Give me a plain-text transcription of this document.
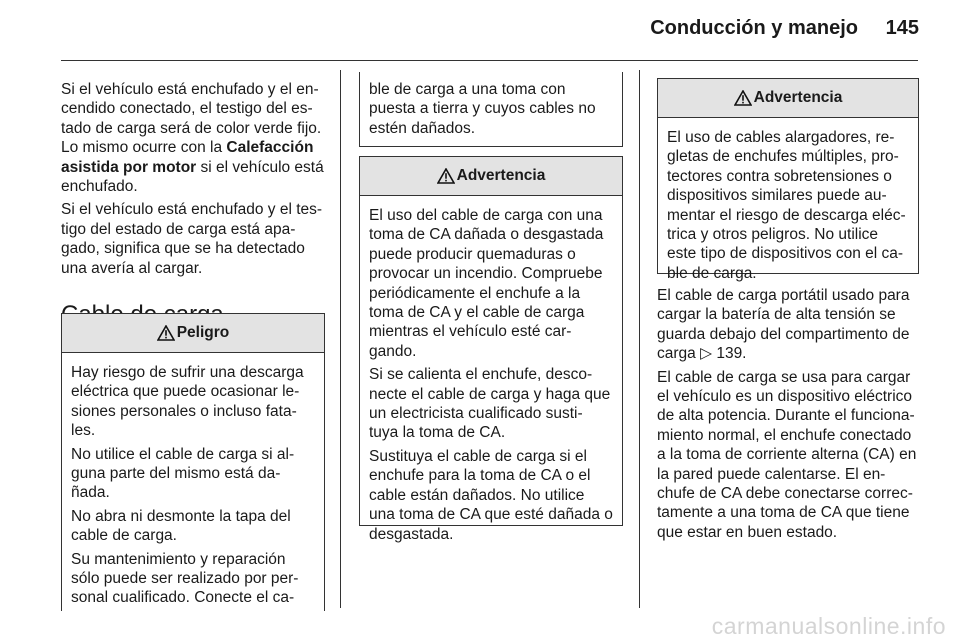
Conducción y manejo 145

Si el vehículo está enchufado y el en- cendido conectado, el testigo del es- tado de carga será de color verde fijo. Lo mismo ocurre con la Calefacción asistida por motor si el vehículo está enchufado.

Si el vehículo está enchufado y el tes- tigo del estado de carga está apa- gado, significa que se ha detectado una avería al cargar.

Peligro

Hay riesgo de sufrir una descarga eléctrica que puede ocasionar le- siones personales o incluso fata- les.

No utilice el cable de carga si al- guna parte del mismo está da- ñada.

No abra ni desmonte la tapa del cable de carga.

Su mantenimiento y reparación sólo puede ser realizado por per- sonal cualificado. Conecte el ca-

ble de carga a una toma con puesta a tierra y cuyos cables no estén dañados.

Advertencia

El uso del cable de carga con una toma de CA dañada o desgastada puede producir quemaduras o provocar un incendio. Compruebe periódicamente el enchufe a la toma de CA y el cable de carga mientras el vehículo esté car- gando.

Si se calienta el enchufe, desco- necte el cable de carga y haga que un electricista cualificado susti- tuya la toma de CA.

Sustituya el cable de carga si el enchufe para la toma de CA o el cable están dañados. No utilice una toma de CA que esté dañada o desgastada.

Advertencia

El uso de cables alargadores, re- gletas de enchufes múltiples, pro- tectores contra sobretensiones o dispositivos similares puede au- mentar el riesgo de descarga eléc- trica y otros peligros. No utilice este tipo de dispositivos con el ca- ble de carga.

El cable de carga portátil usado para cargar la batería de alta tensión se guarda debajo del compartimento de carga ▷ 139.

El cable de carga se usa para cargar el vehículo es un dispositivo eléctrico de alta potencia. Durante el funciona- miento normal, el enchufe conectado a la toma de corriente alterna (CA) en la pared puede calentarse. El en- chufe de CA debe conectarse correc- tamente a una toma de CA que tiene que estar en buen estado.

carmanualsonline.info
